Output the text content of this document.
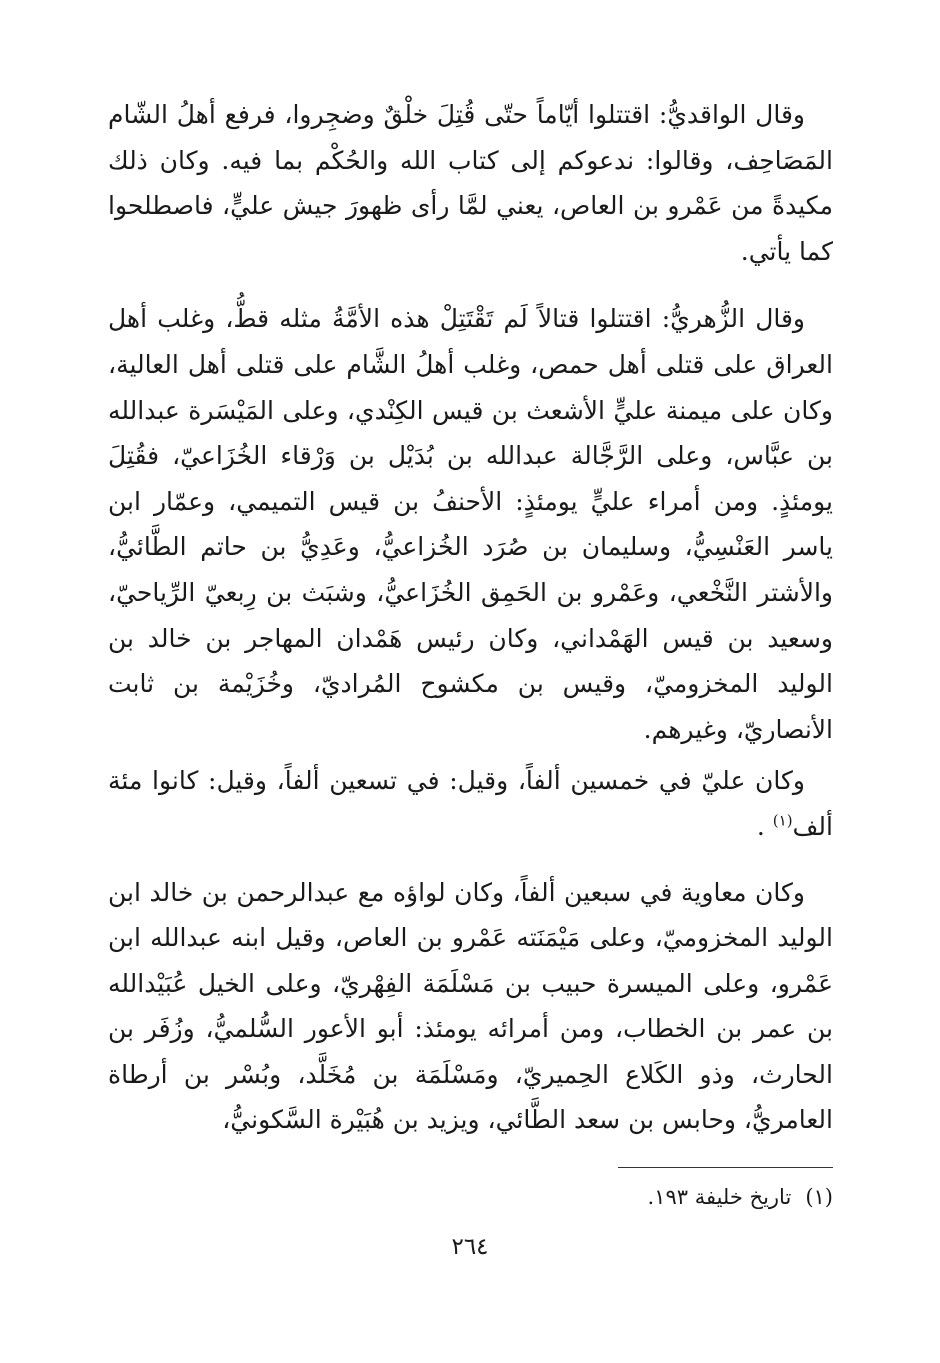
وقال الواقديُّ: اقتتلوا أيّاماً حتّى قُتِلَ خلْقٌ وضجِروا، فرفع أهلُ الشّام المَصَاحِف، وقالوا: ندعوكم إلى كتاب الله والحُكْم بما فيه. وكان ذلك مكيدةً من عَمْرو بن العاص، يعني لمَّا رأى ظهورَ جيش عليٍّ، فاصطلحوا كما يأتي.

وقال الزُّهريُّ: اقتتلوا قتالاً لَم تَقْتَتِلْ هذه الأمَّةُ مثله قطُّ، وغلب أهل العراق على قتلى أهل حمص، وغلب أهلُ الشَّام على قتلى أهل العالية، وكان على ميمنة عليٍّ الأشعث بن قيس الكِنْدي، وعلى المَيْسَرة عبدالله بن عبَّاس، وعلى الرَّجَّالة عبدالله بن بُدَيْل بن وَرْقاء الخُزَاعيّ، فقُتِلَ يومئذٍ. ومن أمراء عليٍّ يومئذٍ: الأحنفُ بن قيس التميمي، وعمّار ابن ياسر العَنْسِيُّ، وسليمان بن صُرَد الخُزاعيُّ، وعَدِيُّ بن حاتم الطَّائيُّ، والأشتر النَّخْعي، وعَمْرو بن الحَمِق الخُزَاعيُّ، وشبَث بن رِبعيّ الرِّياحيّ، وسعيد بن قيس الهَمْداني، وكان رئيس هَمْدان المهاجر بن خالد بن الوليد المخزوميّ، وقيس بن مكشوح المُراديّ، وخُزَيْمة بن ثابت الأنصاريّ، وغيرهم.

وكان عليّ في خمسين ألفاً، وقيل: في تسعين ألفاً، وقيل: كانوا مئة ألف$^{(١)}$ .

وكان معاوية في سبعين ألفاً، وكان لواؤه مع عبدالرحمن بن خالد ابن الوليد المخزوميّ، وعلى مَيْمَنَته عَمْرو بن العاص، وقيل ابنه عبدالله ابن عَمْرو، وعلى الميسرة حبيب بن مَسْلَمَة الفِهْريّ، وعلى الخيل عُبَيْدالله بن عمر بن الخطاب، ومن أمرائه يومئذ: أبو الأعور السُّلميُّ، وزُفَر بن الحارث، وذو الكَلاع الحِميريّ، ومَسْلَمَة بن مُخَلَّد، وبُسْر بن أرطاة العامريُّ، وحابس بن سعد الطَّائي، ويزيد بن هُبَيْرة السَّكونيُّ،

(١)تاريخ خليفة ١٩٣.
٢٦٤
